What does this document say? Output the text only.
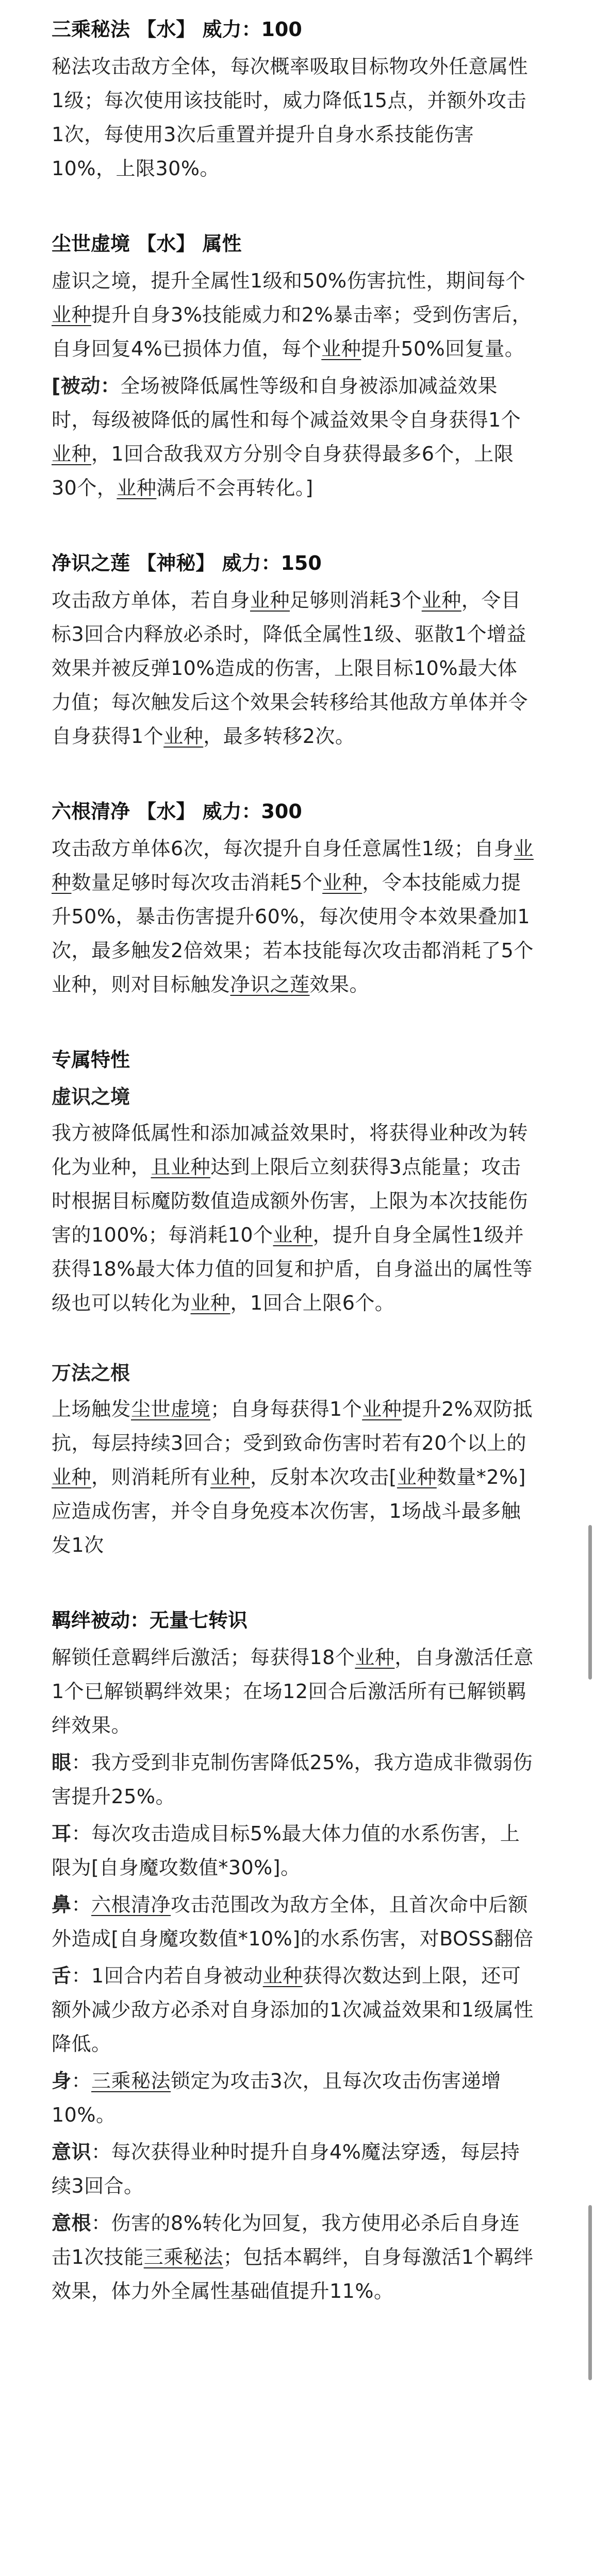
三乘秘法 【水】 威力：100

秘法攻击敌方全体，每次概率吸取目标物攻外任意属性1级；每次使用该技能时，威力降低15点，并额外攻击1次，每使用3次后重置并提升自身水系技能伤害10%，上限30%。

尘世虚境 【水】 属性

虚识之境，提升全属性1级和50%伤害抗性，期间每个业种提升自身3%技能威力和2%暴击率；受到伤害后，自身回复4%已损体力值，每个业种提升50%回复量。

[被动：全场被降低属性等级和自身被添加减益效果时，每级被降低的属性和每个减益效果令自身获得1个业种，1回合敌我双方分别令自身获得最多6个，上限30个，业种满后不会再转化。]

净识之莲 【神秘】 威力：150

攻击敌方单体，若自身业种足够则消耗3个业种，令目标3回合内释放必杀时，降低全属性1级、驱散1个增益效果并被反弹10%造成的伤害，上限目标10%最大体力值；每次触发后这个效果会转移给其他敌方单体并令自身获得1个业种，最多转移2次。

六根清净 【水】 威力：300

攻击敌方单体6次，每次提升自身任意属性1级；自身业种数量足够时每次攻击消耗5个业种，令本技能威力提升50%，暴击伤害提升60%，每次使用令本效果叠加1次，最多触发2倍效果；若本技能每次攻击都消耗了5个业种，则对目标触发净识之莲效果。

专属特性
虚识之境

我方被降低属性和添加减益效果时，将获得业种改为转化为业种，且业种达到上限后立刻获得3点能量；攻击时根据目标魔防数值造成额外伤害，上限为本次技能伤害的100%；每消耗10个业种，提升自身全属性1级并获得18%最大体力值的回复和护盾，自身溢出的属性等级也可以转化为业种，1回合上限6个。

万法之根

上场触发尘世虚境；自身每获得1个业种提升2%双防抵抗，每层持续3回合；受到致命伤害时若有20个以上的业种，则消耗所有业种，反射本次攻击[业种数量*2%]应造成伤害，并令自身免疫本次伤害，1场战斗最多触发1次

羁绊被动：无量七转识

解锁任意羁绊后激活；每获得18个业种，自身激活任意1个已解锁羁绊效果；在场12回合后激活所有已解锁羁绊效果。

眼：我方受到非克制伤害降低25%，我方造成非微弱伤害提升25%。

耳：每次攻击造成目标5%最大体力值的水系伤害，上限为[自身魔攻数值*30%]。

鼻：六根清净攻击范围改为敌方全体，且首次命中后额外造成[自身魔攻数值*10%]的水系伤害，对BOSS翻倍

舌：1回合内若自身被动业种获得次数达到上限，还可额外减少敌方必杀对自身添加的1次减益效果和1级属性降低。

身：三乘秘法锁定为攻击3次，且每次攻击伤害递增10%。

意识：每次获得业种时提升自身4%魔法穿透，每层持续3回合。

意根：伤害的8%转化为回复，我方使用必杀后自身连击1次技能三乘秘法；包括本羁绊，自身每激活1个羁绊效果，体力外全属性基础值提升11%。
